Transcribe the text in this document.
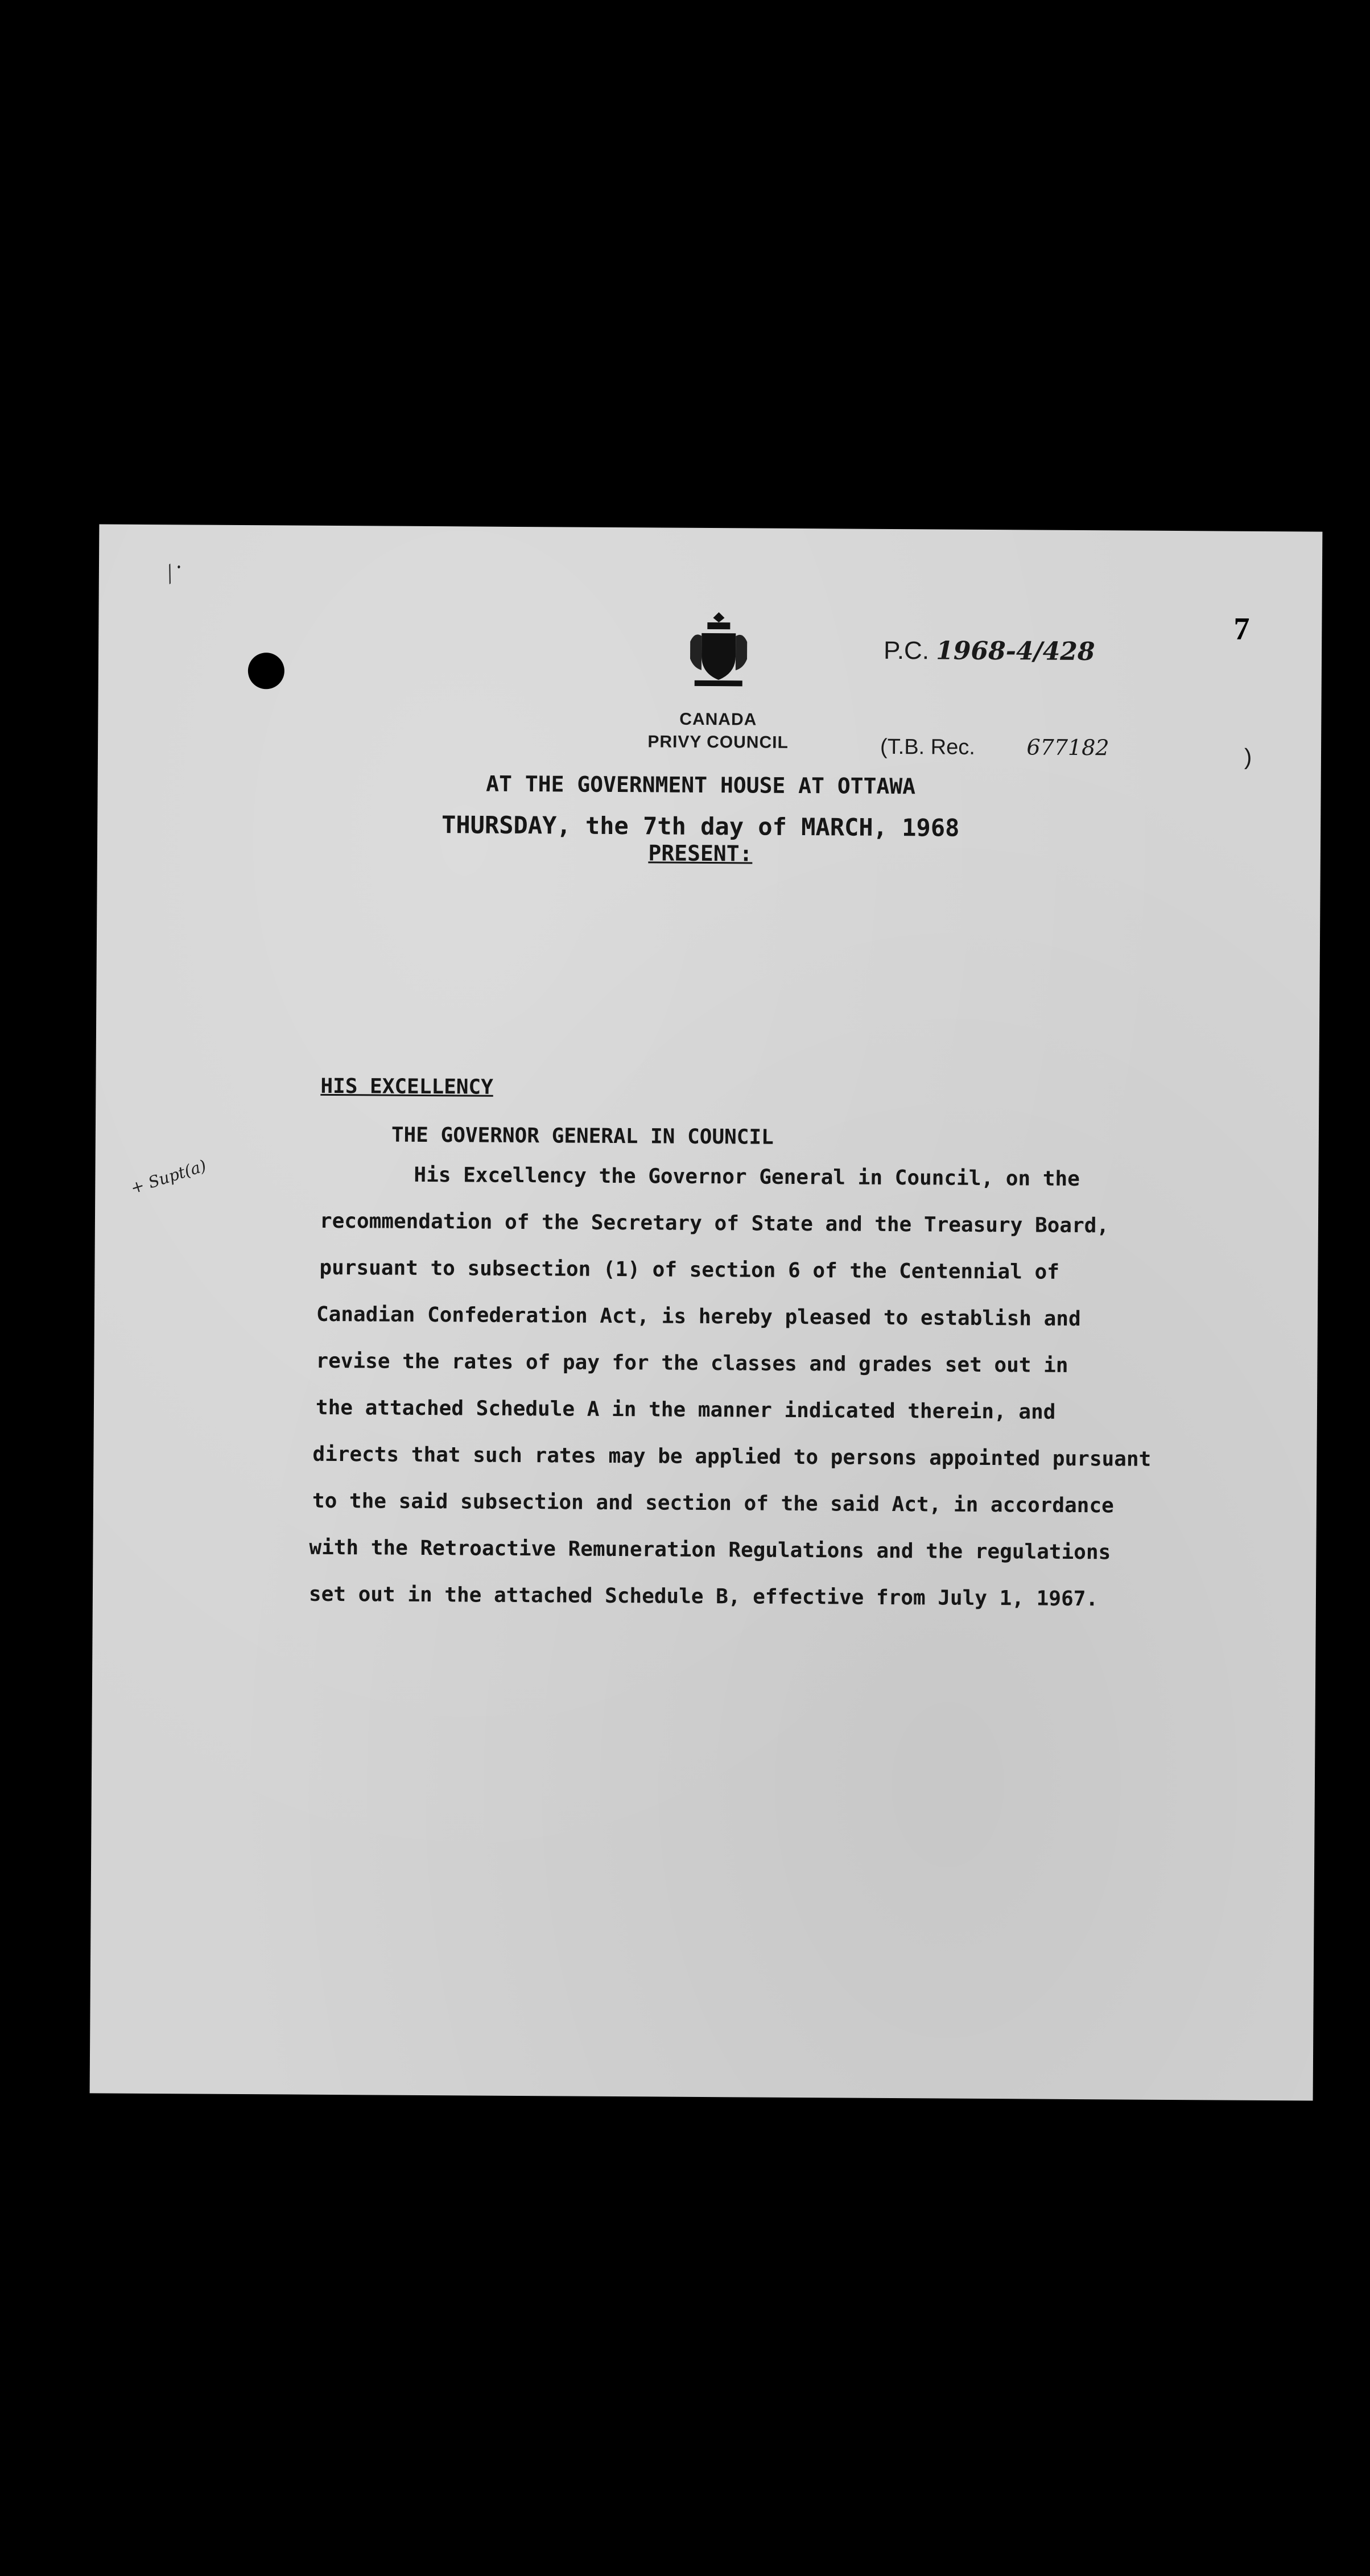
⁄ ·
CANADA
PRIVY COUNCIL
P.C. 1968-4/428
7
(T.B. Rec. 677182	)
AT THE GOVERNMENT HOUSE AT OTTAWA
THURSDAY, the 7th day of MARCH, 1968
PRESENT:
HIS EXCELLENCY
THE GOVERNOR GENERAL IN COUNCIL
+ Supt(a)	His Excellency the Governor General in Council, on the
recommendation of the Secretary of State and the Treasury Board,
pursuant to subsection (1) of section 6 of the Centennial of
Canadian Confederation Act, is hereby pleased to establish and
revise the rates of pay for the classes and grades set out in
the attached Schedule A in the manner indicated therein, and
directs that such rates may be applied to persons appointed pursuant
to the said subsection and section of the said Act, in accordance
with the Retroactive Remuneration Regulations and the regulations
set out in the attached Schedule B, effective from July 1, 1967.
